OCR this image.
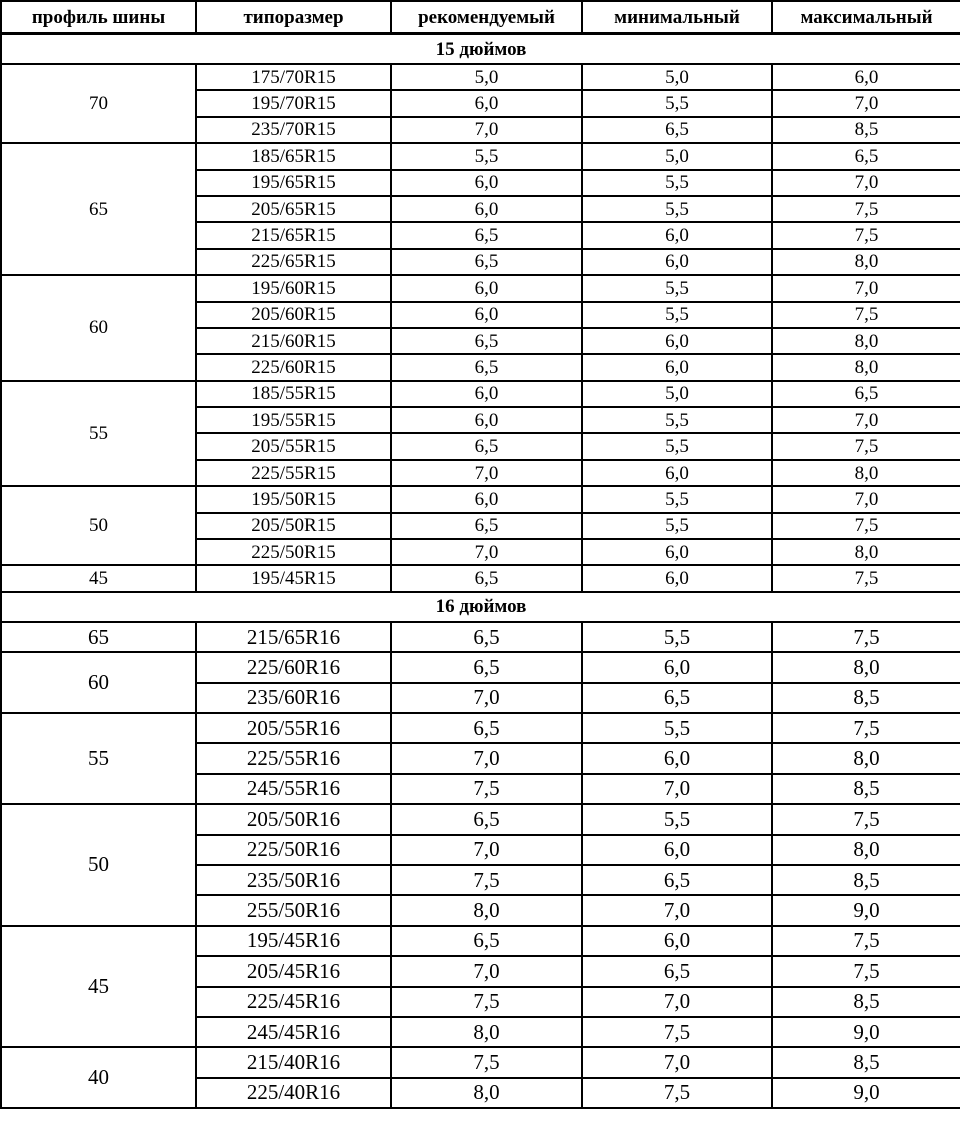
профиль шины	типоразмер	рекомендуемый	минимальный	максимальный
15 дюймов				
70	175/70R15	5,0	5,0	6,0
	195/70R15	6,0	5,5	7,0
	235/70R15	7,0	6,5	8,5
65	185/65R15	5,5	5,0	6,5
	195/65R15	6,0	5,5	7,0
	205/65R15	6,0	5,5	7,5
	215/65R15	6,5	6,0	7,5
	225/65R15	6,5	6,0	8,0
60	195/60R15	6,0	5,5	7,0
	205/60R15	6,0	5,5	7,5
	215/60R15	6,5	6,0	8,0
	225/60R15	6,5	6,0	8,0
55	185/55R15	6,0	5,0	6,5
	195/55R15	6,0	5,5	7,0
	205/55R15	6,5	5,5	7,5
	225/55R15	7,0	6,0	8,0
50	195/50R15	6,0	5,5	7,0
	205/50R15	6,5	5,5	7,5
	225/50R15	7,0	6,0	8,0
45	195/45R15	6,5	6,0	7,5
16 дюймов				
65	215/65R16	6,5	5,5	7,5
60	225/60R16	6,5	6,0	8,0
	235/60R16	7,0	6,5	8,5
55	205/55R16	6,5	5,5	7,5
	225/55R16	7,0	6,0	8,0
	245/55R16	7,5	7,0	8,5
50	205/50R16	6,5	5,5	7,5
	225/50R16	7,0	6,0	8,0
	235/50R16	7,5	6,5	8,5
	255/50R16	8,0	7,0	9,0
45	195/45R16	6,5	6,0	7,5
	205/45R16	7,0	6,5	7,5
	225/45R16	7,5	7,0	8,5
	245/45R16	8,0	7,5	9,0
40	215/40R16	7,5	7,0	8,5
	225/40R16	8,0	7,5	9,0
